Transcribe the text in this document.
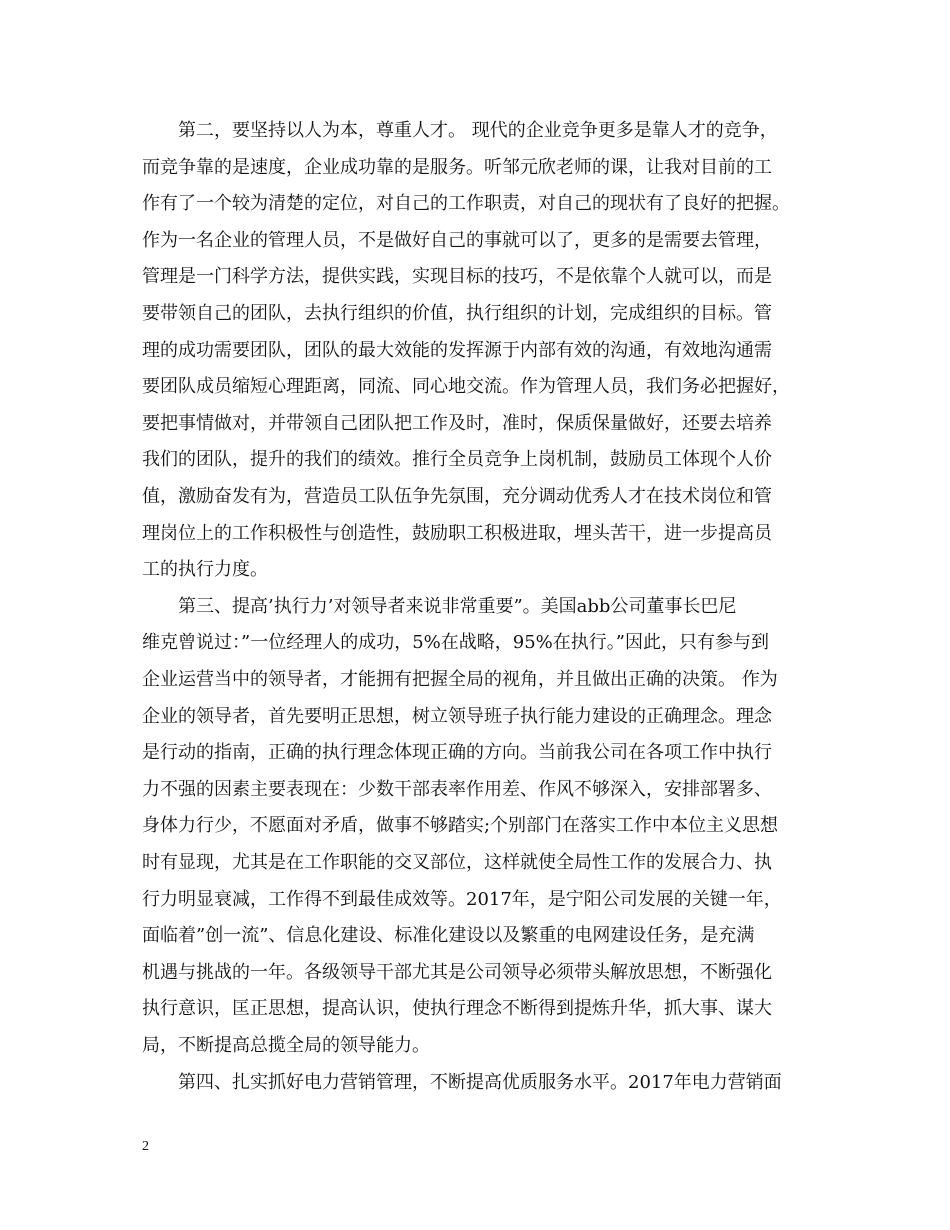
第二，要坚持以人为本，尊重人才。 现代的企业竞争更多是靠人才的竞争，
而竞争靠的是速度，企业成功靠的是服务。听邹元欣老师的课，让我对目前的工
作有了一个较为清楚的定位，对自己的工作职责，对自己的现状有了良好的把握。
作为一名企业的管理人员，不是做好自己的事就可以了，更多的是需要去管理，
管理是一门科学方法，提供实践，实现目标的技巧，不是依靠个人就可以，而是
要带领自己的团队，去执行组织的价值，执行组织的计划，完成组织的目标。管
理的成功需要团队，团队的最大效能的发挥源于内部有效的沟通，有效地沟通需
要团队成员缩短心理距离，同流、同心地交流。作为管理人员，我们务必把握好，
要把事情做对，并带领自己团队把工作及时，准时，保质保量做好，还要去培养
我们的团队，提升的我们的绩效。推行全员竞争上岗机制，鼓励员工体现个人价
值，激励奋发有为，营造员工队伍争先氛围，充分调动优秀人才在技术岗位和管
理岗位上的工作积极性与创造性，鼓励职工积极进取，埋头苦干，进一步提高员
工的执行力度。
第三、提高’执行力’对领导者来说非常重要”。美国abb公司董事长巴尼
维克曾说过：”一位经理人的成功，5%在战略，95%在执行。”因此，只有参与到
企业运营当中的领导者，才能拥有把握全局的视角，并且做出正确的决策。 作为
企业的领导者，首先要明正思想，树立领导班子执行能力建设的正确理念。理念
是行动的指南，正确的执行理念体现正确的方向。当前我公司在各项工作中执行
力不强的因素主要表现在：少数干部表率作用差、作风不够深入，安排部署多、
身体力行少，不愿面对矛盾，做事不够踏实;个别部门在落实工作中本位主义思想
时有显现，尤其是在工作职能的交叉部位，这样就使全局性工作的发展合力、执
行力明显衰减，工作得不到最佳成效等。2017年，是宁阳公司发展的关键一年，
面临着”创一流”、信息化建设、标准化建设以及繁重的电网建设任务，是充满
机遇与挑战的一年。各级领导干部尤其是公司领导必须带头解放思想，不断强化
执行意识，匡正思想，提高认识，使执行理念不断得到提炼升华，抓大事、谋大
局，不断提高总揽全局的领导能力。
第四、扎实抓好电力营销管理，不断提高优质服务水平。2017年电力营销面
2
